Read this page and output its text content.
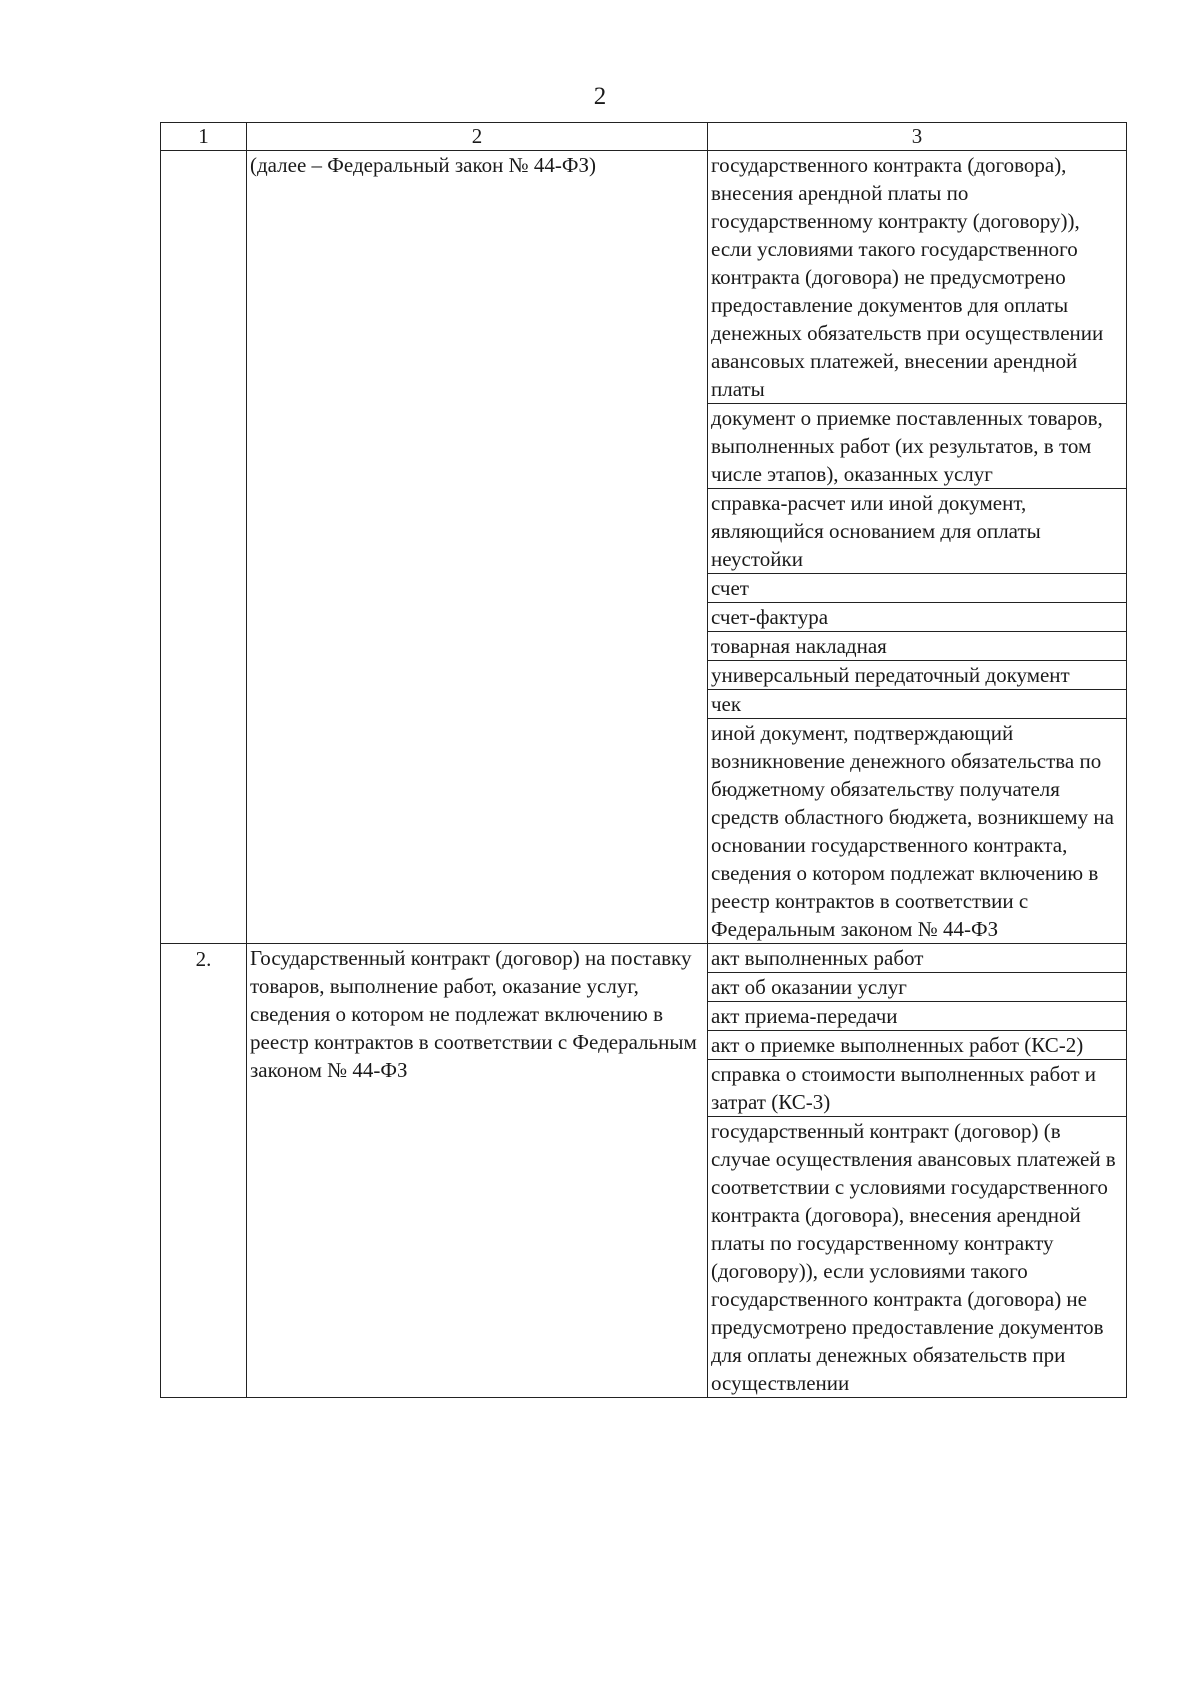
2
1	2	3

	(далее – Федеральный закон № 44-ФЗ)	государственного контракта (договора), внесения арендной платы по государственному контракту (договору)), если условиями такого государственного контракта (договора) не предусмотрено предоставление документов для оплаты денежных обязательств при осуществлении авансовых платежей, внесении арендной платы
		документ о приемке поставленных товаров, выполненных работ (их результатов, в том числе этапов), оказанных услуг
		справка-расчет или иной документ, являющийся основанием для оплаты неустойки
		счет
		счет-фактура
		товарная накладная
		универсальный передаточный документ
		чек
		иной документ, подтверждающий возникновение денежного обязательства по бюджетному обязательству получателя средств областного бюджета, возникшему на основании государственного контракта, сведения о котором подлежат включению в реестр контрактов в соответствии с Федеральным законом № 44-ФЗ

2.	Государственный контракт (договор) на поставку товаров, выполнение работ, оказание услуг, сведения о котором не подлежат включению в реестр контрактов в соответствии с Федеральным законом № 44-ФЗ	акт выполненных работ
		акт об оказании услуг
		акт приема-передачи
		акт о приемке выполненных работ (КС-2)
		справка о стоимости выполненных работ и затрат (КС-3)
		государственный контракт (договор) (в случае осуществления авансовых платежей в соответствии с условиями государственного контракта (договора), внесения арендной платы по государственному контракту (договору)), если условиями такого государственного контракта (договора) не предусмотрено предоставление документов для оплаты денежных обязательств при осуществлении
